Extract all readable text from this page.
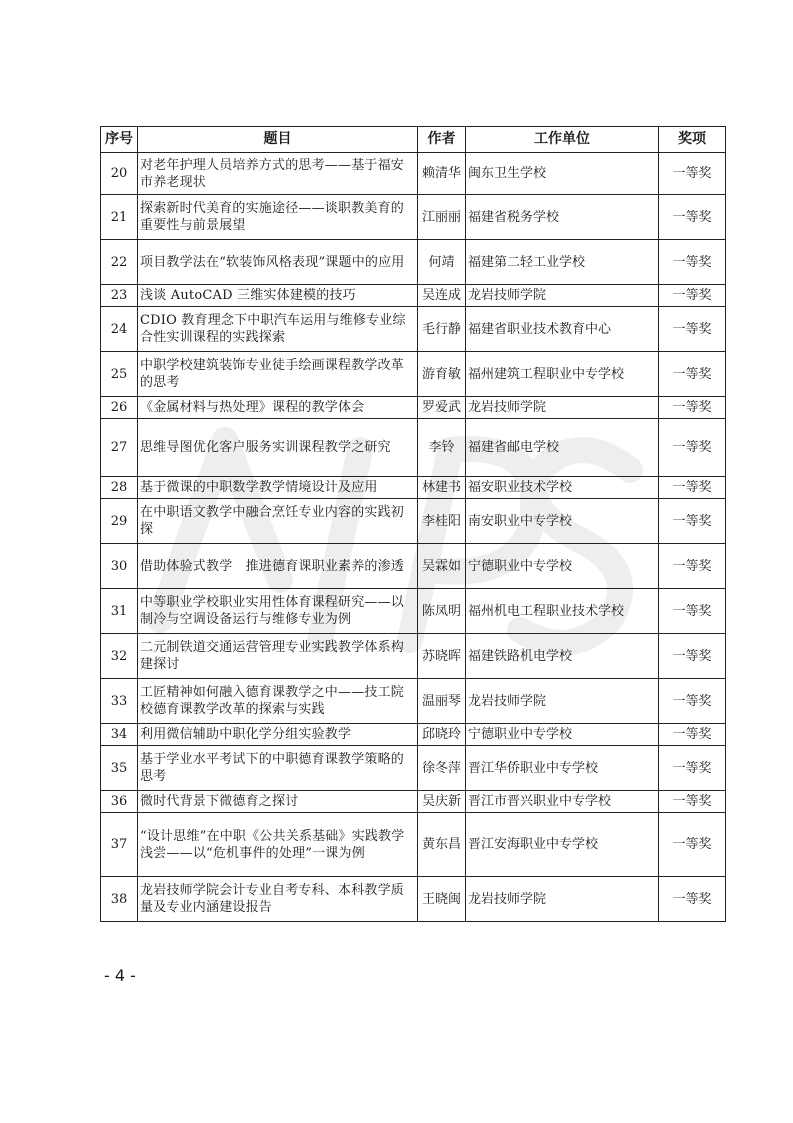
序号	题目	作者	工作单位	奖项
20	对老年护理人员培养方式的思考——基于福安市养老现状	赖清华	闽东卫生学校	一等奖
21	探索新时代美育的实施途径——谈职教美育的重要性与前景展望	江丽丽	福建省税务学校	一等奖
22	项目教学法在“软装饰风格表现”课题中的应用	何靖	福建第二轻工业学校	一等奖
23	浅谈 AutoCAD 三维实体建模的技巧	吴连成	龙岩技师学院	一等奖
24	CDIO 教育理念下中职汽车运用与维修专业综合性实训课程的实践探索	毛行静	福建省职业技术教育中心	一等奖
25	中职学校建筑装饰专业徒手绘画课程教学改革的思考	游育敏	福州建筑工程职业中专学校	一等奖
26	《金属材料与热处理》课程的教学体会	罗爱武	龙岩技师学院	一等奖
27	思维导图优化客户服务实训课程教学之研究	李铃	福建省邮电学校	一等奖
28	基于微课的中职数学教学情境设计及应用	林建书	福安职业技术学校	一等奖
29	在中职语文教学中融合烹饪专业内容的实践初探	李桂阳	南安职业中专学校	一等奖
30	借助体验式教学　推进德育课职业素养的渗透	吴霖如	宁德职业中专学校	一等奖
31	中等职业学校职业实用性体育课程研究——以制冷与空调设备运行与维修专业为例	陈凤明	福州机电工程职业技术学校	一等奖
32	二元制铁道交通运营管理专业实践教学体系构建探讨	苏晓晖	福建铁路机电学校	一等奖
33	工匠精神如何融入德育课教学之中——技工院校德育课教学改革的探索与实践	温丽琴	龙岩技师学院	一等奖
34	利用微信辅助中职化学分组实验教学	邱晓玲	宁德职业中专学校	一等奖
35	基于学业水平考试下的中职德育课教学策略的思考	徐冬萍	晋江华侨职业中专学校	一等奖
36	微时代背景下微德育之探讨	吴庆新	晋江市晋兴职业中专学校	一等奖
37	“设计思维”在中职《公共关系基础》实践教学浅尝——以“危机事件的处理”一课为例	黄东昌	晋江安海职业中专学校	一等奖
38	龙岩技师学院会计专业自考专科、本科教学质量及专业内涵建设报告	王晓闽	龙岩技师学院	一等奖
- 4 -
